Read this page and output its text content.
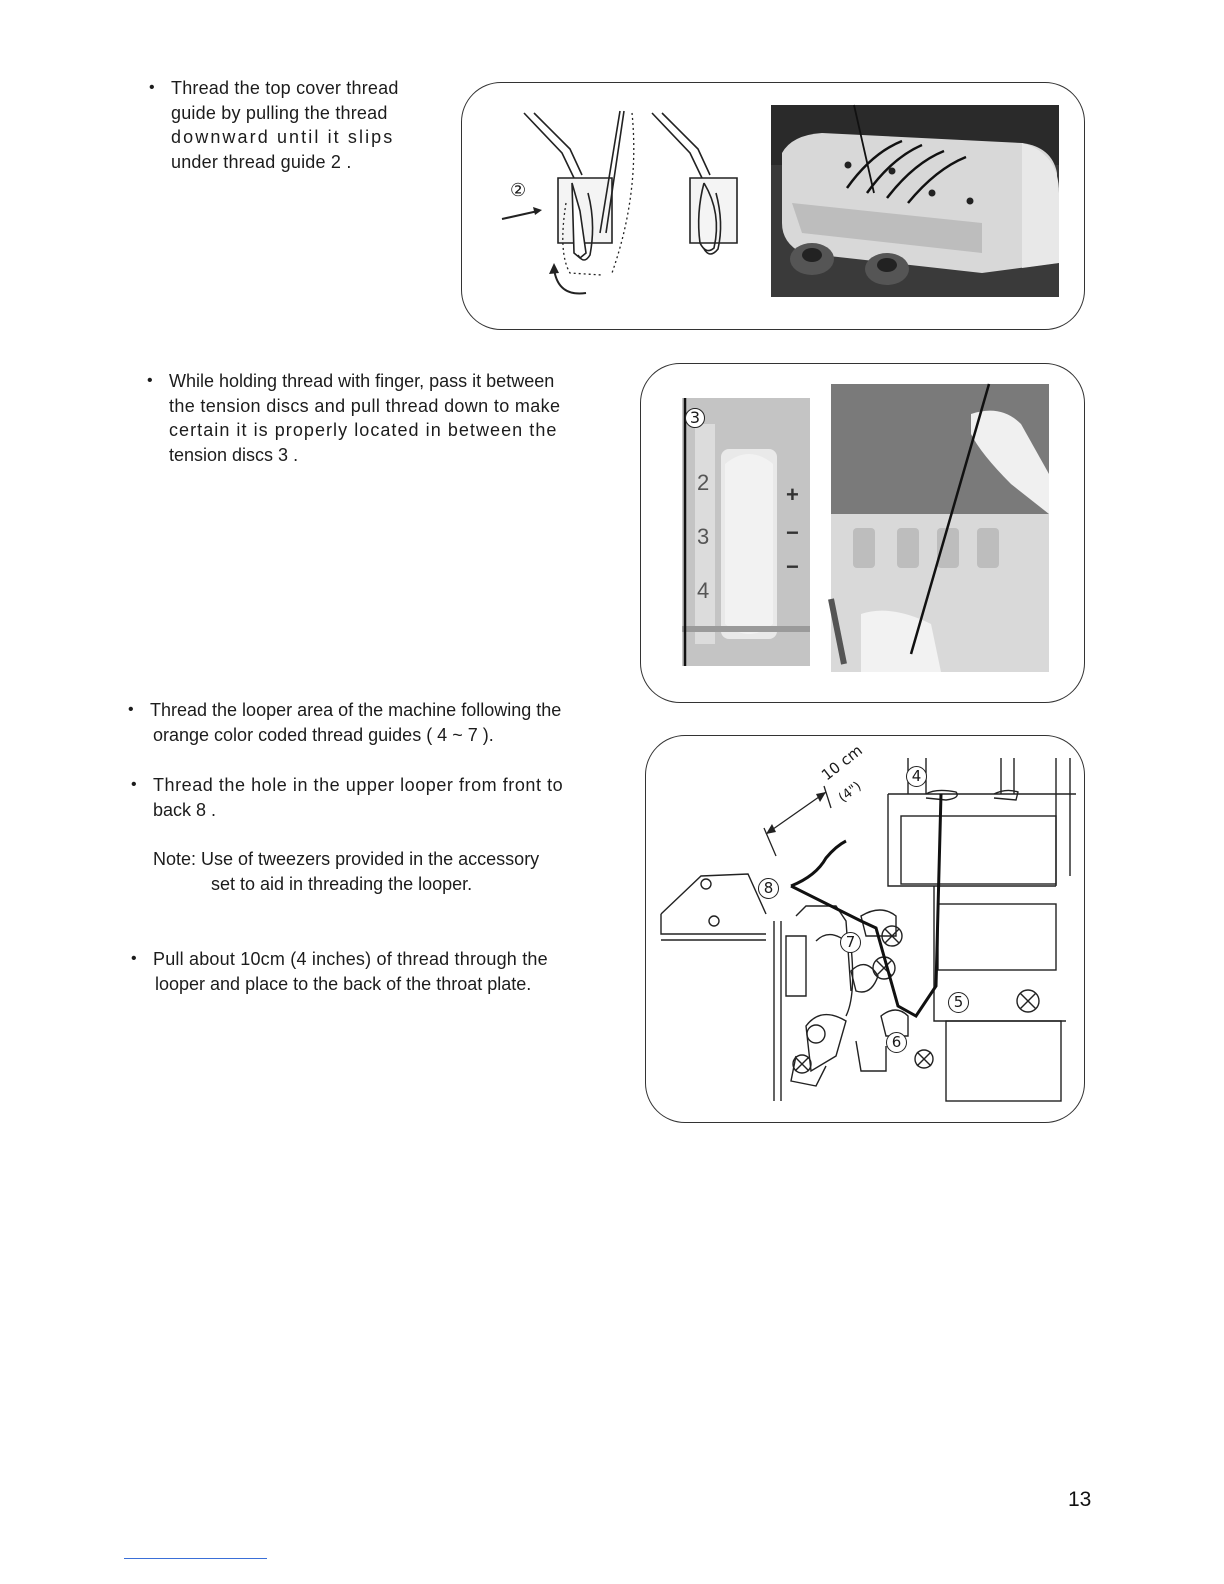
• Thread the top cover thread
guide by pulling the thread
downward until it slips
under thread guide 2 .
• While holding thread with finger, pass it between
the tension discs and pull thread down to make
certain it is properly located in between the
tension discs 3 .
• Thread the looper area of the machine following the
orange color coded thread guides ( 4 ~ 7 ).
• Thread the hole in the upper looper from front to
back 8 .
Note: Use of tweezers provided in the accessory
set to aid in threading the looper.
• Pull about 10cm (4 inches) of thread through the
looper and place to the back of the throat plate.
②
3
2
3
4
+
−
−
10 cm
(4")
4
5
6
7
8
13
